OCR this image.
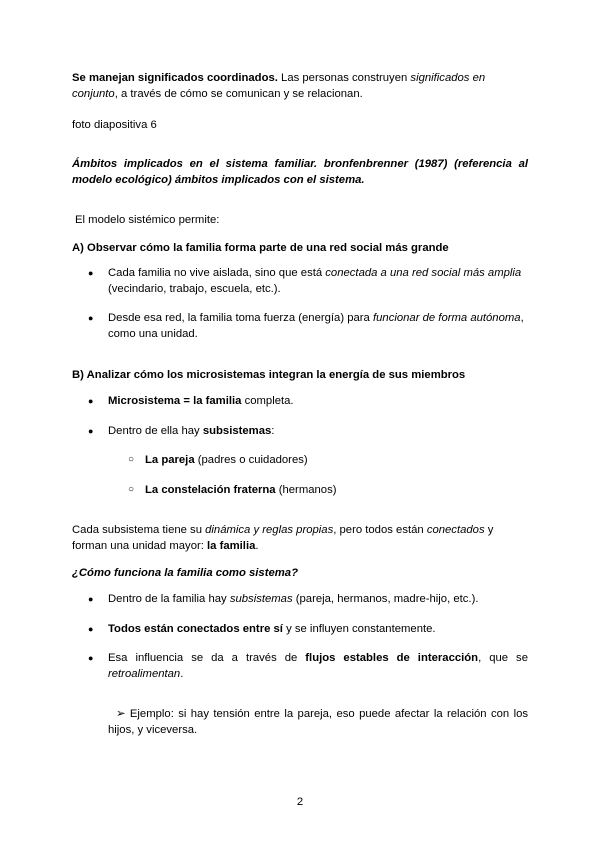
Se manejan significados coordinados. Las personas construyen significados en conjunto, a través de cómo se comunican y se relacionan.

foto diapositiva 6

Ámbitos implicados en el sistema familiar. bronfenbrenner (1987) (referencia al modelo ecológico) ámbitos implicados con el sistema.

El modelo sistémico permite:

A) Observar cómo la familia forma parte de una red social más grande

● Cada familia no vive aislada, sino que está conectada a una red social más amplia (vecindario, trabajo, escuela, etc.).
● Desde esa red, la familia toma fuerza (energía) para funcionar de forma autónoma, como una unidad.

B) Analizar cómo los microsistemas integran la energía de sus miembros

● Microsistema = la familia completa.
● Dentro de ella hay subsistemas:
○ La pareja (padres o cuidadores)
○ La constelación fraterna (hermanos)

Cada subsistema tiene su dinámica y reglas propias, pero todos están conectados y forman una unidad mayor: la familia.

¿Cómo funciona la familia como sistema?

● Dentro de la familia hay subsistemas (pareja, hermanos, madre-hijo, etc.).
● Todos están conectados entre sí y se influyen constantemente.
● Esa influencia se da a través de flujos estables de interacción, que se retroalimentan.

➢ Ejemplo: si hay tensión entre la pareja, eso puede afectar la relación con los hijos, y viceversa.

2
